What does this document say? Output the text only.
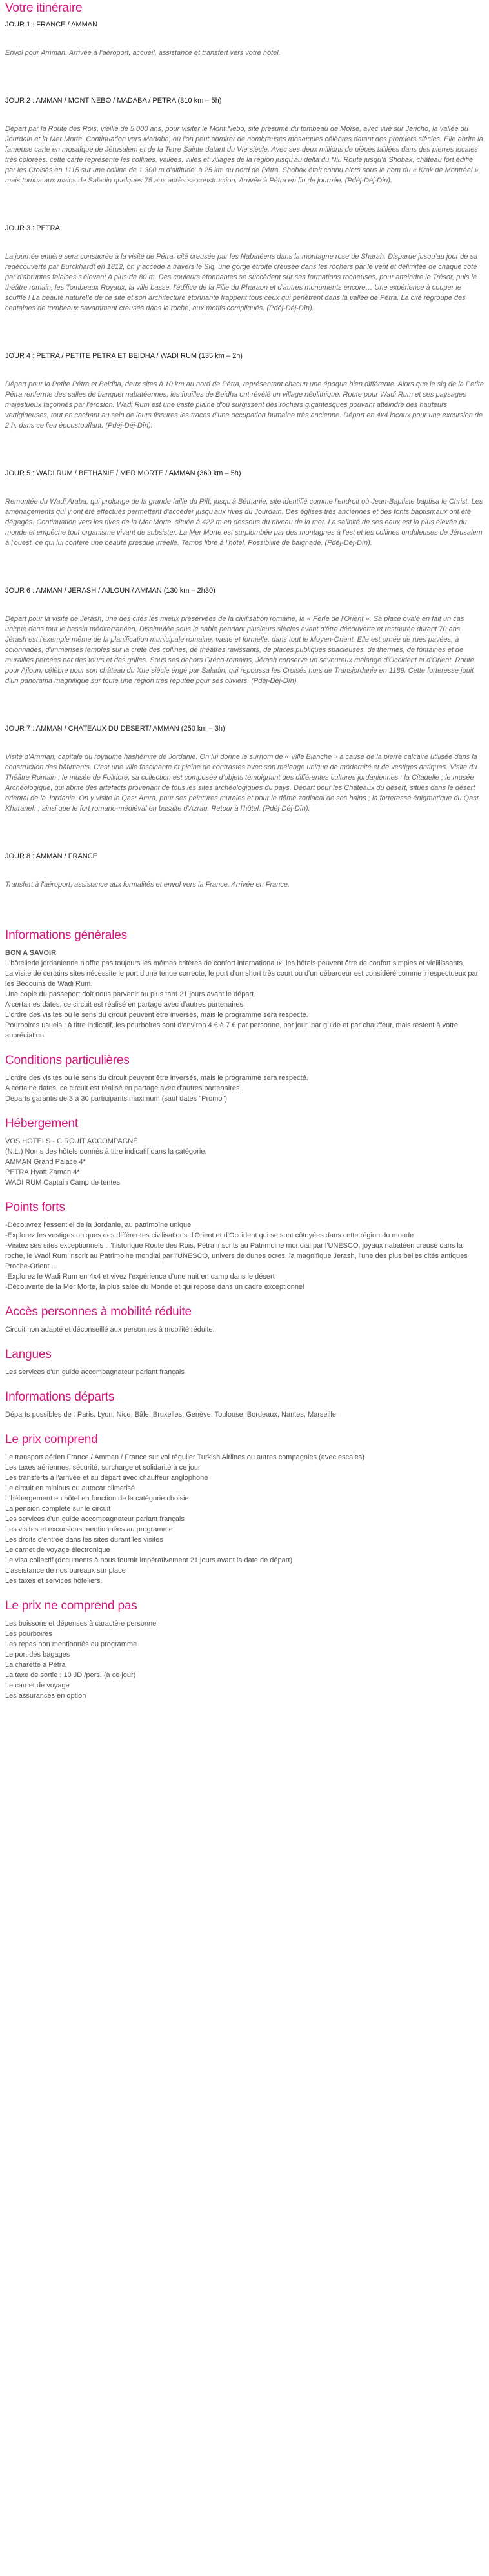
Votre itinéraire

JOUR 1 : FRANCE / AMMAN

Envol pour Amman. Arrivée à l'aéroport, accueil, assistance et transfert vers votre hôtel.

JOUR 2 : AMMAN / MONT NEBO / MADABA / PETRA (310 km – 5h)

Départ par la Route des Rois, vieille de 5 000 ans, pour visiter le Mont Nebo, site présumé du tombeau de Moïse, avec vue sur Jéricho, la vallée du Jourdain et la Mer Morte. Continuation vers Madaba, où l'on peut admirer de nombreuses mosaïques célèbres datant des premiers siècles. Elle abrite la fameuse carte en mosaïque de Jérusalem et de la Terre Sainte datant du VIe siècle. Avec ses deux millions de pièces taillées dans des pierres locales très colorées, cette carte représente les collines, vallées, villes et villages de la région jusqu'au delta du Nil. Route jusqu'à Shobak, château fort édifié par les Croisés en 1115 sur une colline de 1 300 m d'altitude, à 25 km au nord de Pétra. Shobak était connu alors sous le nom du « Krak de Montréal », mais tomba aux mains de Saladin quelques 75 ans après sa construction. Arrivée à Pétra en fin de journée. (Pdéj-Déj-Dîn).

JOUR 3 : PETRA

La journée entière sera consacrée à la visite de Pétra, cité creusée par les Nabatéens dans la montagne rose de Sharah. Disparue jusqu'au jour de sa redécouverte par Burckhardt en 1812, on y accède à travers le Siq, une gorge étroite creusée dans les rochers par le vent et délimitée de chaque côté par d'abruptes falaises s'élevant à plus de 80 m. Des couleurs étonnantes se succèdent sur ses formations rocheuses, pour atteindre le Trésor, puis le théâtre romain, les Tombeaux Royaux, la ville basse, l'édifice de la Fille du Pharaon et d'autres monuments encore… Une expérience à couper le souffle ! La beauté naturelle de ce site et son architecture étonnante frappent tous ceux qui pénètrent dans la vallée de Pétra. La cité regroupe des centaines de tombeaux savamment creusés dans la roche, aux motifs compliqués. (Pdéj-Déj-Dîn).

JOUR 4 : PETRA / PETITE PETRA ET BEIDHA / WADI RUM (135 km – 2h)

Départ pour la Petite Pétra et Beidha, deux sites à 10 km au nord de Pétra, représentant chacun une époque bien différente. Alors que le siq de la Petite Pétra renferme des salles de banquet nabatéennes, les fouilles de Beidha ont révélé un village néolithique. Route pour Wadi Rum et ses paysages majestueux façonnés par l'érosion. Wadi Rum est une vaste plaine d'où surgissent des rochers gigantesques pouvant atteindre des hauteurs vertigineuses, tout en cachant au sein de leurs fissures les traces d'une occupation humaine très ancienne. Départ en 4x4 locaux pour une excursion de 2 h, dans ce lieu époustouflant. (Pdéj-Déj-Dîn).

JOUR 5 : WADI RUM / BETHANIE / MER MORTE / AMMAN (360 km – 5h)

Remontée du Wadi Araba, qui prolonge de la grande faille du Rift, jusqu'à Béthanie, site identifié comme l'endroit où Jean-Baptiste baptisa le Christ. Les aménagements qui y ont été effectués permettent d'accéder jusqu'aux rives du Jourdain. Des églises très anciennes et des fonts baptismaux ont été dégagés. Continuation vers les rives de la Mer Morte, située à 422 m en dessous du niveau de la mer. La salinité de ses eaux est la plus élevée du monde et empêche tout organisme vivant de subsister. La Mer Morte est surplombée par des montagnes à l'est et les collines onduleuses de Jérusalem à l'ouest, ce qui lui confère une beauté presque irréelle. Temps libre à l'hôtel. Possibilité de baignade. (Pdéj-Déj-Dîn).

JOUR 6 : AMMAN / JERASH / AJLOUN / AMMAN (130 km – 2h30)

Départ pour la visite de Jérash, une des cités les mieux préservées de la civilisation romaine, la « Perle de l'Orient ». Sa place ovale en fait un cas unique dans tout le bassin méditerranéen. Dissimulée sous le sable pendant plusieurs siècles avant d'être découverte et restaurée durant 70 ans, Jérash est l'exemple même de la planification municipale romaine, vaste et formelle, dans tout le Moyen-Orient. Elle est ornée de rues pavées, à colonnades, d'immenses temples sur la crête des collines, de théâtres ravissants, de places publiques spacieuses, de thermes, de fontaines et de murailles percées par des tours et des grilles. Sous ses dehors Gréco-romains, Jérash conserve un savoureux mélange d'Occident et d'Orient. Route pour Ajloun, célèbre pour son château du XIIe siècle érigé par Saladin, qui repoussa les Croisés hors de Transjordanie en 1189. Cette forteresse jouit d'un panorama magnifique sur toute une région très réputée pour ses oliviers. (Pdéj-Déj-Dîn).

JOUR 7 : AMMAN / CHATEAUX DU DESERT/ AMMAN (250 km – 3h)

Visite d'Amman, capitale du royaume hashémite de Jordanie. On lui donne le surnom de « Ville Blanche » à cause de la pierre calcaire utilisée dans la construction des bâtiments. C'est une ville fascinante et pleine de contrastes avec son mélange unique de modernité et de vestiges antiques. Visite du Théâtre Romain ; le musée de Folklore, sa collection est composée d'objets témoignant des différentes cultures jordaniennes ; la Citadelle ; le musée Archéologique, qui abrite des artefacts provenant de tous les sites archéologiques du pays. Départ pour les Châteaux du désert, situés dans le désert oriental de la Jordanie. On y visite le Qasr Amra, pour ses peintures murales et pour le dôme zodiacal de ses bains ; la forteresse énigmatique du Qasr Kharaneh ; ainsi que le fort romano-médiéval en basalte d'Azraq. Retour à l'hôtel. (Pdéj-Déj-Dîn).

JOUR 8 : AMMAN / FRANCE

Transfert à l'aéroport, assistance aux formalités et envol vers la France. Arrivée en France.

Informations générales

BON A SAVOIR

L'hôtellerie jordanienne n'offre pas toujours les mêmes critères de confort internationaux, les hôtels peuvent être de confort simples et vieillissants.
La visite de certains sites nécessite le port d'une tenue correcte, le port d'un short très court ou d'un débardeur est considéré comme irrespectueux par les Bédouins de Wadi Rum.
Une copie du passeport doit nous parvenir au plus tard 21 jours avant le départ.
A certaines dates, ce circuit est réalisé en partage avec d'autres partenaires.
L'ordre des visites ou le sens du circuit peuvent être inversés, mais le programme sera respecté.
Pourboires usuels : à titre indicatif, les pourboires sont d'environ 4 € à 7 € par personne, par jour, par guide et par chauffeur, mais restent à votre appréciation.
Conditions particulières
L'ordre des visites ou le sens du circuit peuvent être inversés, mais le programme sera respecté.
A certaine dates, ce circuit est réalisé en partage avec d'autres partenaires.
Départs garantis de 3 à 30 participants maximum (sauf dates "Promo")
Hébergement
VOS HOTELS - CIRCUIT ACCOMPAGNÉ
(N.L.) Noms des hôtels donnés à titre indicatif dans la catégorie.
AMMAN Grand Palace 4*
PETRA Hyatt Zaman 4*
WADI RUM Captain Camp de tentes
Points forts
-Découvrez l'essentiel de la Jordanie, au patrimoine unique
-Explorez les vestiges uniques des différentes civilisations d'Orient et d'Occident qui se sont côtoyées dans cette région du monde
-Visitez ses sites exceptionnels : l'historique Route des Rois, Pétra inscrits au Patrimoine mondial par l'UNESCO, joyaux nabatéen creusé dans la roche, le Wadi Rum inscrit au Patrimoine mondial par l'UNESCO, univers de dunes ocres, la magnifique Jerash, l'une des plus belles cités antiques Proche-Orient ...
-Explorez le Wadi Rum en 4x4 et vivez l'expérience d'une nuit en camp dans le désert
-Découverte de la Mer Morte, la plus salée du Monde et qui repose dans un cadre exceptionnel
Accès personnes à mobilité réduite
Circuit non adapté et déconseillé aux personnes à mobilité réduite.
Langues
Les services d'un guide accompagnateur parlant français
Informations départs
Départs possibles de : Paris, Lyon, Nice, Bâle, Bruxelles, Genève, Toulouse, Bordeaux, Nantes, Marseille
Le prix comprend
Le transport aérien France / Amman / France sur vol régulier Turkish Airlines ou autres compagnies (avec escales)
Les taxes aériennes, sécurité, surcharge et solidarité à ce jour
Les transferts à l'arrivée et au départ avec chauffeur anglophone
Le circuit en minibus ou autocar climatisé
L'hébergement en hôtel en fonction de la catégorie choisie
La pension complète sur le circuit
Les services d'un guide accompagnateur parlant français
Les visites et excursions mentionnées au programme
Les droits d'entrée dans les sites durant les visites
Le carnet de voyage électronique
Le visa collectif (documents à nous fournir impérativement 21 jours avant la date de départ)
L'assistance de nos bureaux sur place
Les taxes et services hôteliers.
Le prix ne comprend pas
Les boissons et dépenses à caractère personnel
Les pourboires
Les repas non mentionnés au programme
Le port des bagages
La charette à Pétra
La taxe de sortie : 10 JD /pers. (à ce jour)
Le carnet de voyage
Les assurances en option
